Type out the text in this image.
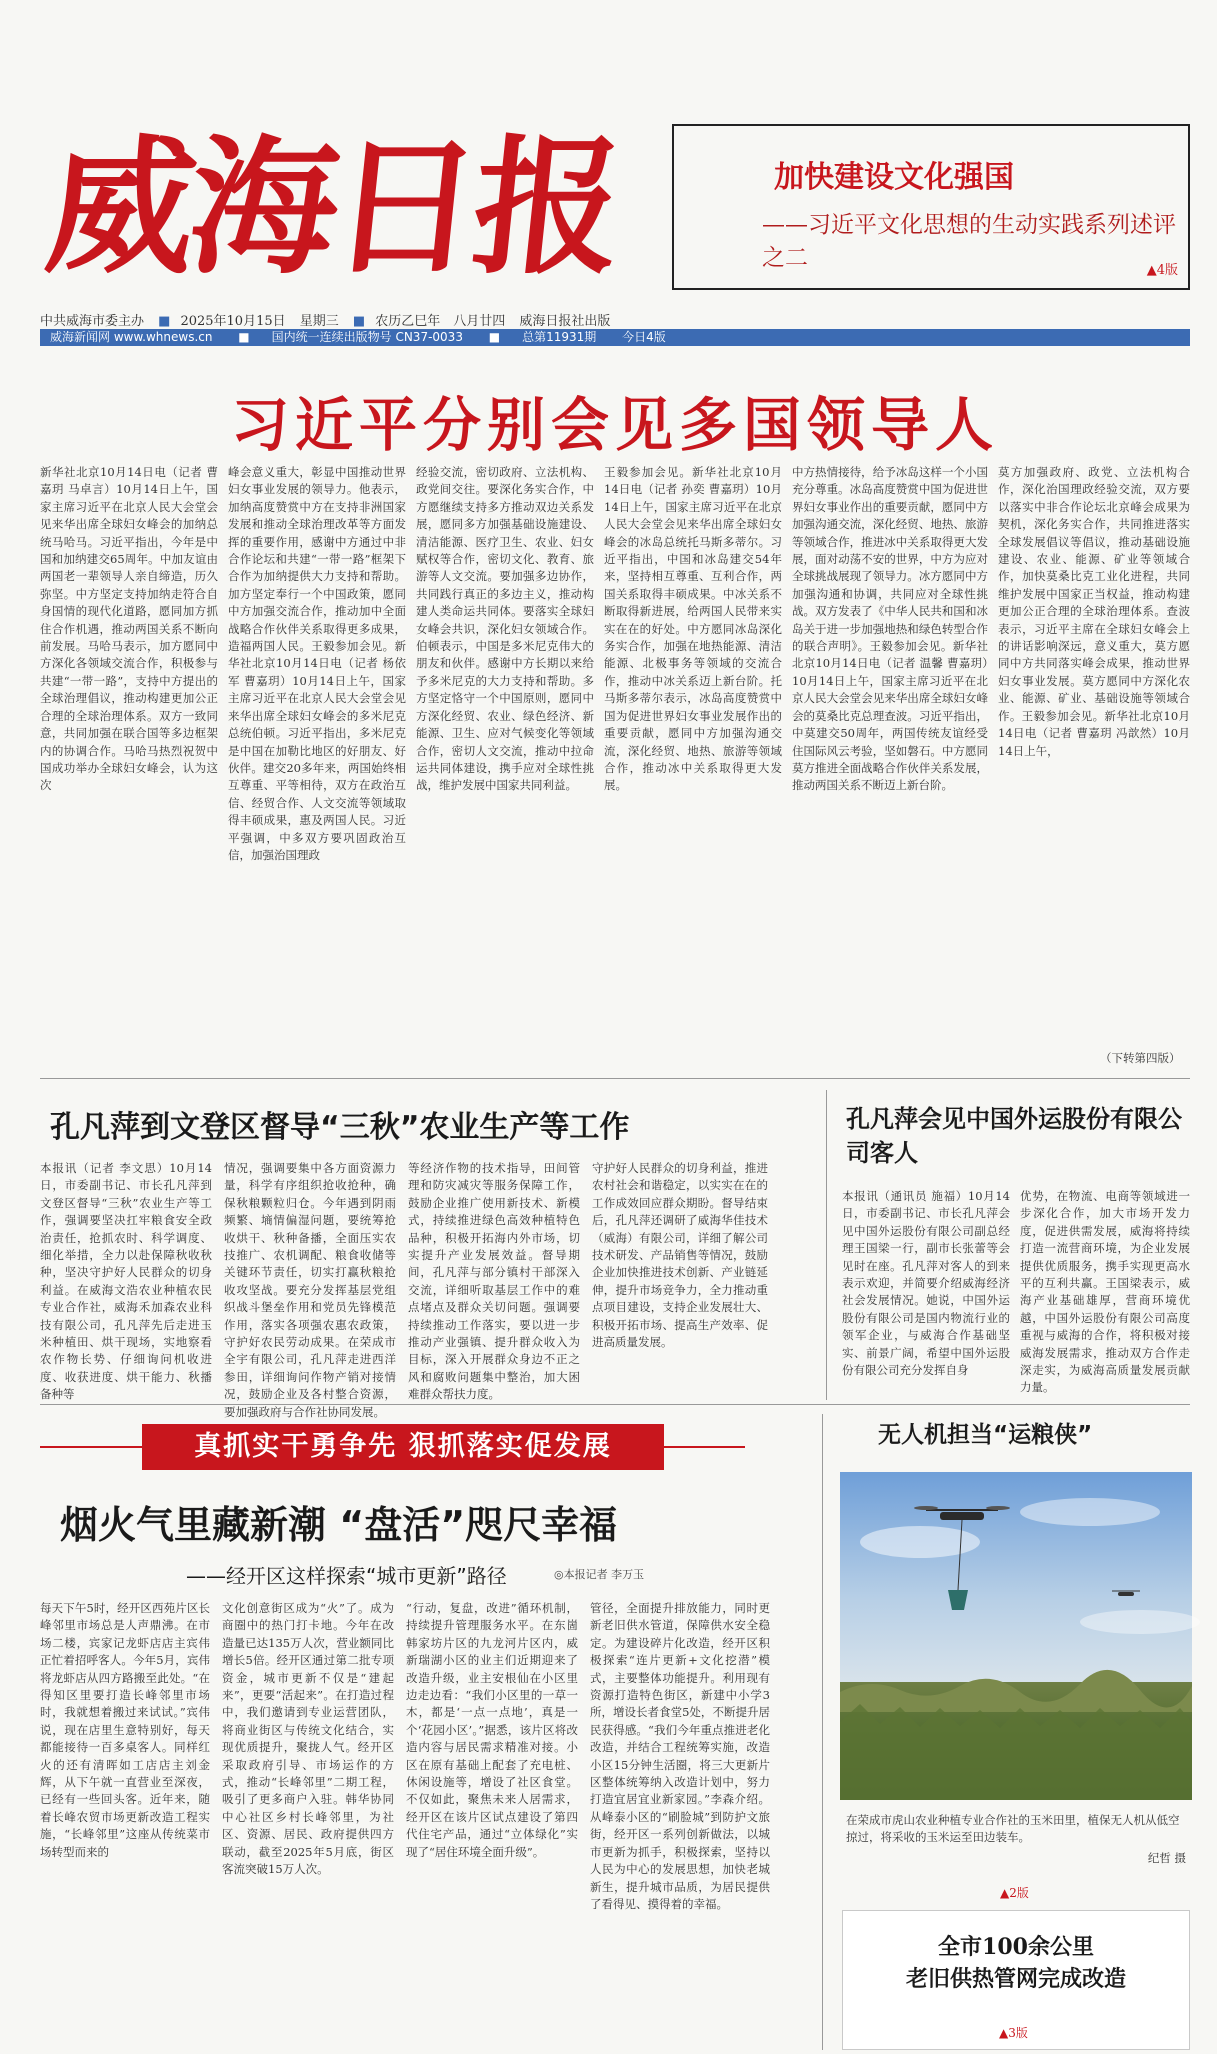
威海日报	加快建设文化强国
——习近平文化思想的生动实践系列述评之二	▲4版
中共威海市委主办 ■ 2025年10月15日 星期三 ■ 农历乙巳年　八月廿四 威海日报社出版
威海新闻网 www.whnews.cn ■ 国内统一连续出版物号 CN37-0033 ■ 总第11931期 今日4版
习近平分别会见多国领导人
新华社北京10月14日电（记者 曹嘉玥 马卓言）10月14日上午，国家主席习近平在北京人民大会堂会见来华出席全球妇女峰会的加纳总统马哈马。习近平指出，今年是中国和加纳建交65周年。中加友谊由两国老一辈领导人亲自缔造，历久弥坚。中方坚定支持加纳走符合自身国情的现代化道路，愿同加方抓住合作机遇，推动两国关系不断向前发展。马哈马表示，加方愿同中方深化各领域交流合作，积极参与共建“一带一路”，支持中方提出的全球治理倡议，推动构建更加公正合理的全球治理体系。双方一致同意，共同加强在联合国等多边框架内的协调合作。马哈马热烈祝贺中国成功举办全球妇女峰会，认为这次
峰会意义重大，彰显中国推动世界妇女事业发展的领导力。他表示，加纳高度赞赏中方在支持非洲国家发展和推动全球治理改革等方面发挥的重要作用，感谢中方通过中非合作论坛和共建“一带一路”框架下合作为加纳提供大力支持和帮助。加方坚定奉行一个中国政策，愿同中方加强交流合作，推动加中全面战略合作伙伴关系取得更多成果，造福两国人民。王毅参加会见。新华社北京10月14日电（记者 杨依军 曹嘉玥）10月14日上午，国家主席习近平在北京人民大会堂会见来华出席全球妇女峰会的多米尼克总统伯顿。习近平指出，多米尼克是中国在加勒比地区的好朋友、好伙伴。建交20多年来，两国始终相互尊重、平等相待，双方在政治互信、经贸合作、人文交流等领域取得丰硕成果，惠及两国人民。习近平强调，中多双方要巩固政治互信，加强治国理政
经验交流，密切政府、立法机构、政党间交往。要深化务实合作，中方愿继续支持多方推动双边关系发展，愿同多方加强基础设施建设、清洁能源、医疗卫生、农业、妇女赋权等合作，密切文化、教育、旅游等人文交流。要加强多边协作，共同践行真正的多边主义，推动构建人类命运共同体。要落实全球妇女峰会共识，深化妇女领域合作。伯顿表示，中国是多米尼克伟大的朋友和伙伴。感谢中方长期以来给予多米尼克的大力支持和帮助。多方坚定恪守一个中国原则，愿同中方深化经贸、农业、绿色经济、新能源、卫生、应对气候变化等领域合作，密切人文交流，推动中拉命运共同体建设，携手应对全球性挑战，维护发展中国家共同利益。
王毅参加会见。新华社北京10月14日电（记者 孙奕 曹嘉玥）10月14日上午，国家主席习近平在北京人民大会堂会见来华出席全球妇女峰会的冰岛总统托马斯多蒂尔。习近平指出，中国和冰岛建交54年来，坚持相互尊重、互利合作，两国关系取得丰硕成果。中冰关系不断取得新进展，给两国人民带来实实在在的好处。中方愿同冰岛深化务实合作，加强在地热能源、清洁能源、北极事务等领域的交流合作，推动中冰关系迈上新台阶。托马斯多蒂尔表示，冰岛高度赞赏中国为促进世界妇女事业发展作出的重要贡献，愿同中方加强沟通交流，深化经贸、地热、旅游等领域合作，推动冰中关系取得更大发展。
中方热情接待，给予冰岛这样一个小国充分尊重。冰岛高度赞赏中国为促进世界妇女事业作出的重要贡献，愿同中方加强沟通交流，深化经贸、地热、旅游等领域合作，推进冰中关系取得更大发展，面对动荡不安的世界，中方为应对全球挑战展现了领导力。冰方愿同中方加强沟通和协调，共同应对全球性挑战。双方发表了《中华人民共和国和冰岛关于进一步加强地热和绿色转型合作的联合声明》。王毅参加会见。新华社北京10月14日电（记者 温馨 曹嘉玥）10月14日上午，国家主席习近平在北京人民大会堂会见来华出席全球妇女峰会的莫桑比克总理查波。习近平指出，中莫建交50周年，两国传统友谊经受住国际风云考验，坚如磐石。中方愿同莫方推进全面战略合作伙伴关系发展，推动两国关系不断迈上新台阶。
莫方加强政府、政党、立法机构合作，深化治国理政经验交流，双方要以落实中非合作论坛北京峰会成果为契机，深化务实合作，共同推进落实全球发展倡议等倡议，推动基础设施建设、农业、能源、矿业等领域合作，加快莫桑比克工业化进程，共同维护发展中国家正当权益，推动构建更加公正合理的全球治理体系。查波表示，习近平主席在全球妇女峰会上的讲话影响深远，意义重大，莫方愿同中方共同落实峰会成果，推动世界妇女事业发展。莫方愿同中方深化农业、能源、矿业、基础设施等领域合作。王毅参加会见。新华社北京10月14日电（记者 曹嘉玥 冯歆然）10月14日上午，
（下转第四版）
孔凡萍到文登区督导“三秋”农业生产等工作
本报讯（记者 李文思）10月14日，市委副书记、市长孔凡萍到文登区督导“三秋”农业生产等工作，强调要坚决扛牢粮食安全政治责任，抢抓农时、科学调度、细化举措，全力以赴保障秋收秋种，坚决守护好人民群众的切身利益。在威海文浩农业种植农民专业合作社，威海禾加森农业科技有限公司，孔凡萍先后走进玉米种植田、烘干现场，实地察看农作物长势、仔细询问机收进度、收获进度、烘干能力、秋播备种等
情况，强调要集中各方面资源力量，科学有序组织抢收抢种，确保秋粮颗粒归仓。今年遇到阴雨频繁、墒情偏湿问题，要统筹抢收烘干、秋种备播，全面压实农技推广、农机调配、粮食收储等关键环节责任，切实打赢秋粮抢收攻坚战。要充分发挥基层党组织战斗堡垒作用和党员先锋模范作用，落实各项强农惠农政策，守护好农民劳动成果。在荣成市全宇有限公司，孔凡萍走进西洋参田，详细询问作物产销对接情况，鼓励企业及各村整合资源，要加强政府与合作社协同发展。
等经济作物的技术指导，田间管理和防灾减灾等服务保障工作，鼓励企业推广使用新技术、新模式，持续推进绿色高效种植特色品种，积极开拓海内外市场，切实提升产业发展效益。督导期间，孔凡萍与部分镇村干部深入交流，详细听取基层工作中的难点堵点及群众关切问题。强调要持续推动工作落实，要以进一步推动产业强镇、提升群众收入为目标，深入开展群众身边不正之风和腐败问题集中整治，加大困难群众帮扶力度。
守护好人民群众的切身利益，推进农村社会和谐稳定，以实实在在的工作成效回应群众期盼。督导结束后，孔凡萍还调研了威海华佳技术（威海）有限公司，详细了解公司技术研发、产品销售等情况，鼓励企业加快推进技术创新、产业链延伸，提升市场竞争力，全力推动重点项目建设，支持企业发展壮大、积极开拓市场、提高生产效率、促进高质量发展。
孔凡萍会见中国外运股份有限公司客人
本报讯（通讯员 施福）10月14日，市委副书记、市长孔凡萍会见中国外运股份有限公司副总经理王国梁一行，副市长张蕾等会见时在座。孔凡萍对客人的到来表示欢迎，并简要介绍威海经济社会发展情况。她说，中国外运股份有限公司是国内物流行业的领军企业，与威海合作基础坚实、前景广阔，希望中国外运股份有限公司充分发挥自身
优势，在物流、电商等领域进一步深化合作，加大市场开发力度，促进供需发展，威海将持续打造一流营商环境，为企业发展提供优质服务，携手实现更高水平的互利共赢。王国梁表示，威海产业基础雄厚，营商环境优越，中国外运股份有限公司高度重视与威海的合作，将积极对接威海发展需求，推动双方合作走深走实，为威海高质量发展贡献力量。
真抓实干勇争先 狠抓落实促发展
烟火气里藏新潮 “盘活”咫尺幸福
——经开区这样探索“城市更新”路径	◎本报记者 李万玉
每天下午5时，经开区西苑片区长峰邻里市场总是人声鼎沸。在市场二楼，宾家记龙虾店店主宾伟正忙着招呼客人。今年5月，宾伟将龙虾店从四方路搬至此处。“在得知区里要打造长峰邻里市场时，我就想着搬过来试试。”宾伟说，现在店里生意特别好，每天都能接待一百多桌客人。同样红火的还有清晖如工店店主刘金辉，从下午就一直营业至深夜，已经有一些回头客。近年来，随着长峰农贸市场更新改造工程实施，“长峰邻里”这座从传统菜市场转型而来的
文化创意街区成为“火”了。成为商圈中的热门打卡地。今年在改造量已达135万人次，营业额同比增长5倍。经开区通过第二批专项资金，城市更新不仅是“建起来”，更要“活起来”。在打造过程中，我们邀请到专业运营团队，将商业街区与传统文化结合，实现优质提升，聚拢人气。经开区采取政府引导、市场运作的方式，推动“长峰邻里”二期工程，吸引了更多商户入驻。韩华协同中心社区乡村长峰邻里，为社区、资源、居民、政府提供四方联动，截至2025年5月底，街区客流突破15万人次。
“行动，复盘，改进”循环机制，持续提升管理服务水平。在东崮韩家坊片区的九龙河片区内，威新瑞湖小区的业主们近期迎来了改造升级，业主安根仙在小区里边走边看：“我们小区里的一草一木，都是‘一点一点地’，真是一个‘花园小区’。”据悉，该片区将改造内容与居民需求精准对接。小区在原有基础上配套了充电桩、休闲设施等，增设了社区食堂。不仅如此，聚焦未来人居需求，经开区在该片区试点建设了第四代住宅产品，通过“立体绿化”实现了“居住环境全面升级”。
管径，全面提升排放能力，同时更新老旧供水管道，保障供水安全稳定。为建设碎片化改造，经开区积极探索“连片更新+文化挖潜”模式，主要整体功能提升。利用现有资源打造特色街区，新建中小学3所，增设长者食堂5处，不断提升居民获得感。“我们今年重点推进老化改造，并结合工程统筹实施，改造小区15分钟生活圈，将三大更新片区整体统筹纳入改造计划中，努力打造宜居宜业新家园。”李森介绍。从峰泰小区的“刷脸城”到防护文旅街，经开区一系列创新做法，以城市更新为抓手，积极探索，坚持以人民为中心的发展思想，加快老城新生，提升城市品质，为居民提供了看得见、摸得着的幸福。
无人机担当“运粮侠”
在荣成市虎山农业种植专业合作社的玉米田里，植保无人机从低空掠过，将采收的玉米运至田边装车。
纪哲 摄
▲2版
全市100余公里
老旧供热管网完成改造
▲3版
